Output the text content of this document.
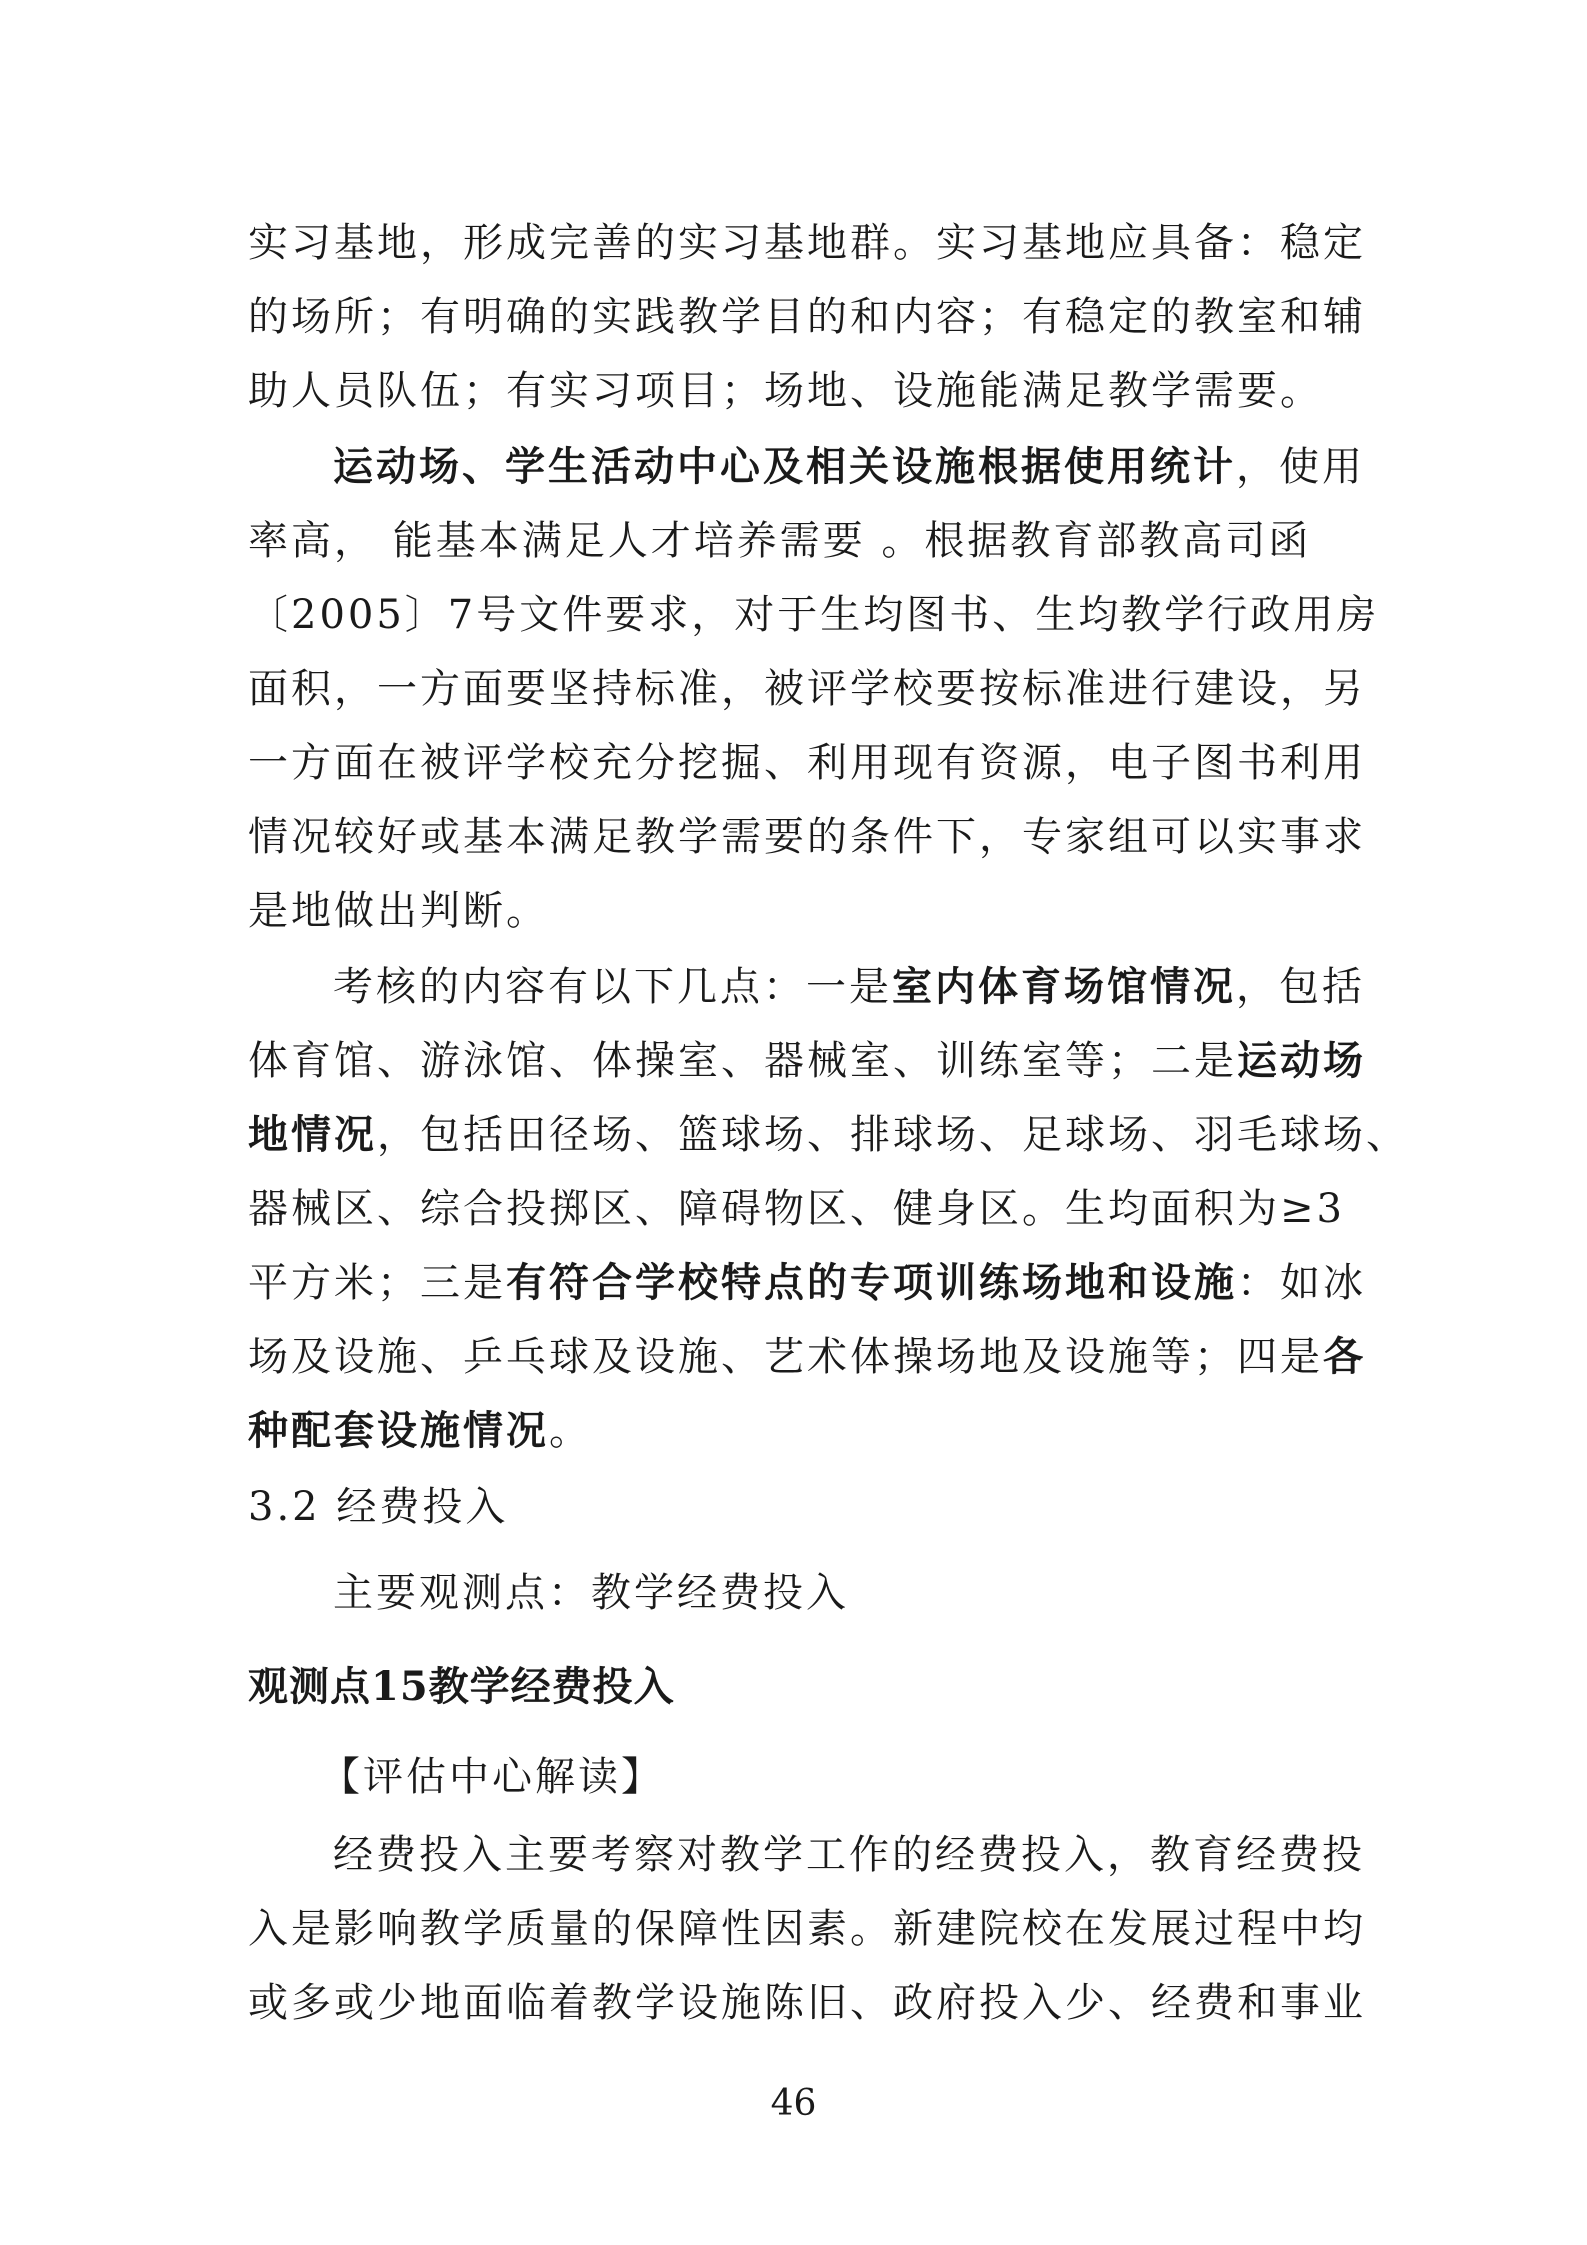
实习基地，形成完善的实习基地群。实习基地应具备：稳定
的场所；有明确的实践教学目的和内容；有稳定的教室和辅
助人员队伍；有实习项目；场地、设施能满足教学需要。
运动场、学生活动中心及相关设施根据使用统计，使用
率高， 能基本满足人才培养需要 。根据教育部教高司函
〔2005〕7号文件要求，对于生均图书、生均教学行政用房
面积，一方面要坚持标准，被评学校要按标准进行建设，另
一方面在被评学校充分挖掘、利用现有资源，电子图书利用
情况较好或基本满足教学需要的条件下，专家组可以实事求
是地做出判断。
考核的内容有以下几点：一是室内体育场馆情况，包括
体育馆、游泳馆、体操室、器械室、训练室等；二是运动场
地情况，包括田径场、篮球场、排球场、足球场、羽毛球场、
器械区、综合投掷区、障碍物区、健身区。生均面积为≥3
平方米；三是有符合学校特点的专项训练场地和设施：如冰
场及设施、乒乓球及设施、艺术体操场地及设施等；四是各
种配套设施情况。
3.2 经费投入
主要观测点：教学经费投入
观测点15教学经费投入
【评估中心解读】
经费投入主要考察对教学工作的经费投入，教育经费投
入是影响教学质量的保障性因素。新建院校在发展过程中均
或多或少地面临着教学设施陈旧、政府投入少、经费和事业
46
